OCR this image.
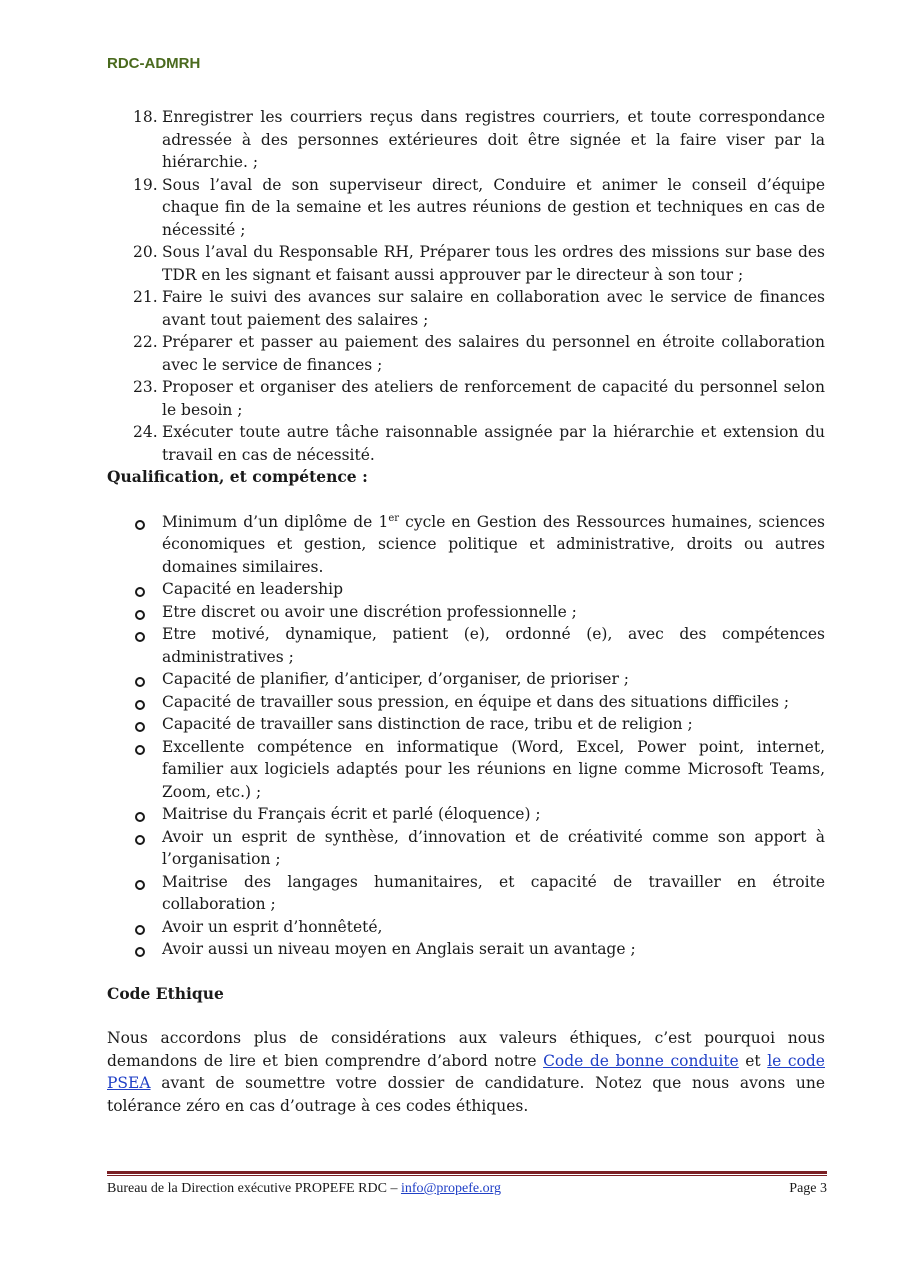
RDC-ADMRH
18. Enregistrer les courriers reçus dans registres courriers, et toute correspondance adressée à des personnes extérieures doit être signée et la faire viser par la hiérarchie. ;
19. Sous l’aval de son superviseur direct, Conduire et animer le conseil d’équipe chaque fin de la semaine et les autres réunions de gestion et techniques en cas de nécessité ;
20. Sous l’aval du Responsable RH, Préparer tous les ordres des missions sur base des TDR en les signant et faisant aussi approuver par le directeur à son tour ;
21. Faire le suivi des avances sur salaire en collaboration avec le service de finances avant tout paiement des salaires ;
22. Préparer et passer au paiement des salaires du personnel en étroite collaboration avec le service de finances ;
23. Proposer et organiser des ateliers de renforcement de capacité du personnel selon le besoin ;
24. Exécuter toute autre tâche raisonnable assignée par la hiérarchie et extension du travail en cas de nécessité.

Qualification, et compétence :

Minimum d’un diplôme de 1er cycle en Gestion des Ressources humaines, sciences économiques et gestion, science politique et administrative, droits ou autres domaines similaires.
Capacité en leadership
Etre discret ou avoir une discrétion professionnelle ;
Etre motivé, dynamique, patient (e), ordonné (e), avec des compétences administratives ;
Capacité de planifier, d’anticiper, d’organiser, de prioriser ;
Capacité de travailler sous pression, en équipe et dans des situations difficiles ;
Capacité de travailler sans distinction de race, tribu et de religion ;
Excellente compétence en informatique (Word, Excel, Power point, internet, familier aux logiciels adaptés pour les réunions en ligne comme Microsoft Teams, Zoom, etc.) ;
Maitrise du Français écrit et parlé (éloquence) ;
Avoir un esprit de synthèse, d’innovation et de créativité comme son apport à l’organisation ;
Maitrise des langages humanitaires, et capacité de travailler en étroite collaboration ;
Avoir un esprit d’honnêteté,
Avoir aussi un niveau moyen en Anglais serait un avantage ;
Code Ethique
Nous accordons plus de considérations aux valeurs éthiques, c’est pourquoi nous demandons de lire et bien comprendre d’abord notre Code de bonne conduite et le code PSEA avant de soumettre votre dossier de candidature. Notez que nous avons une tolérance zéro en cas d’outrage à ces codes éthiques.
Bureau de la Direction exécutive PROPEFE RDC – info@propefe.org	Page 3
